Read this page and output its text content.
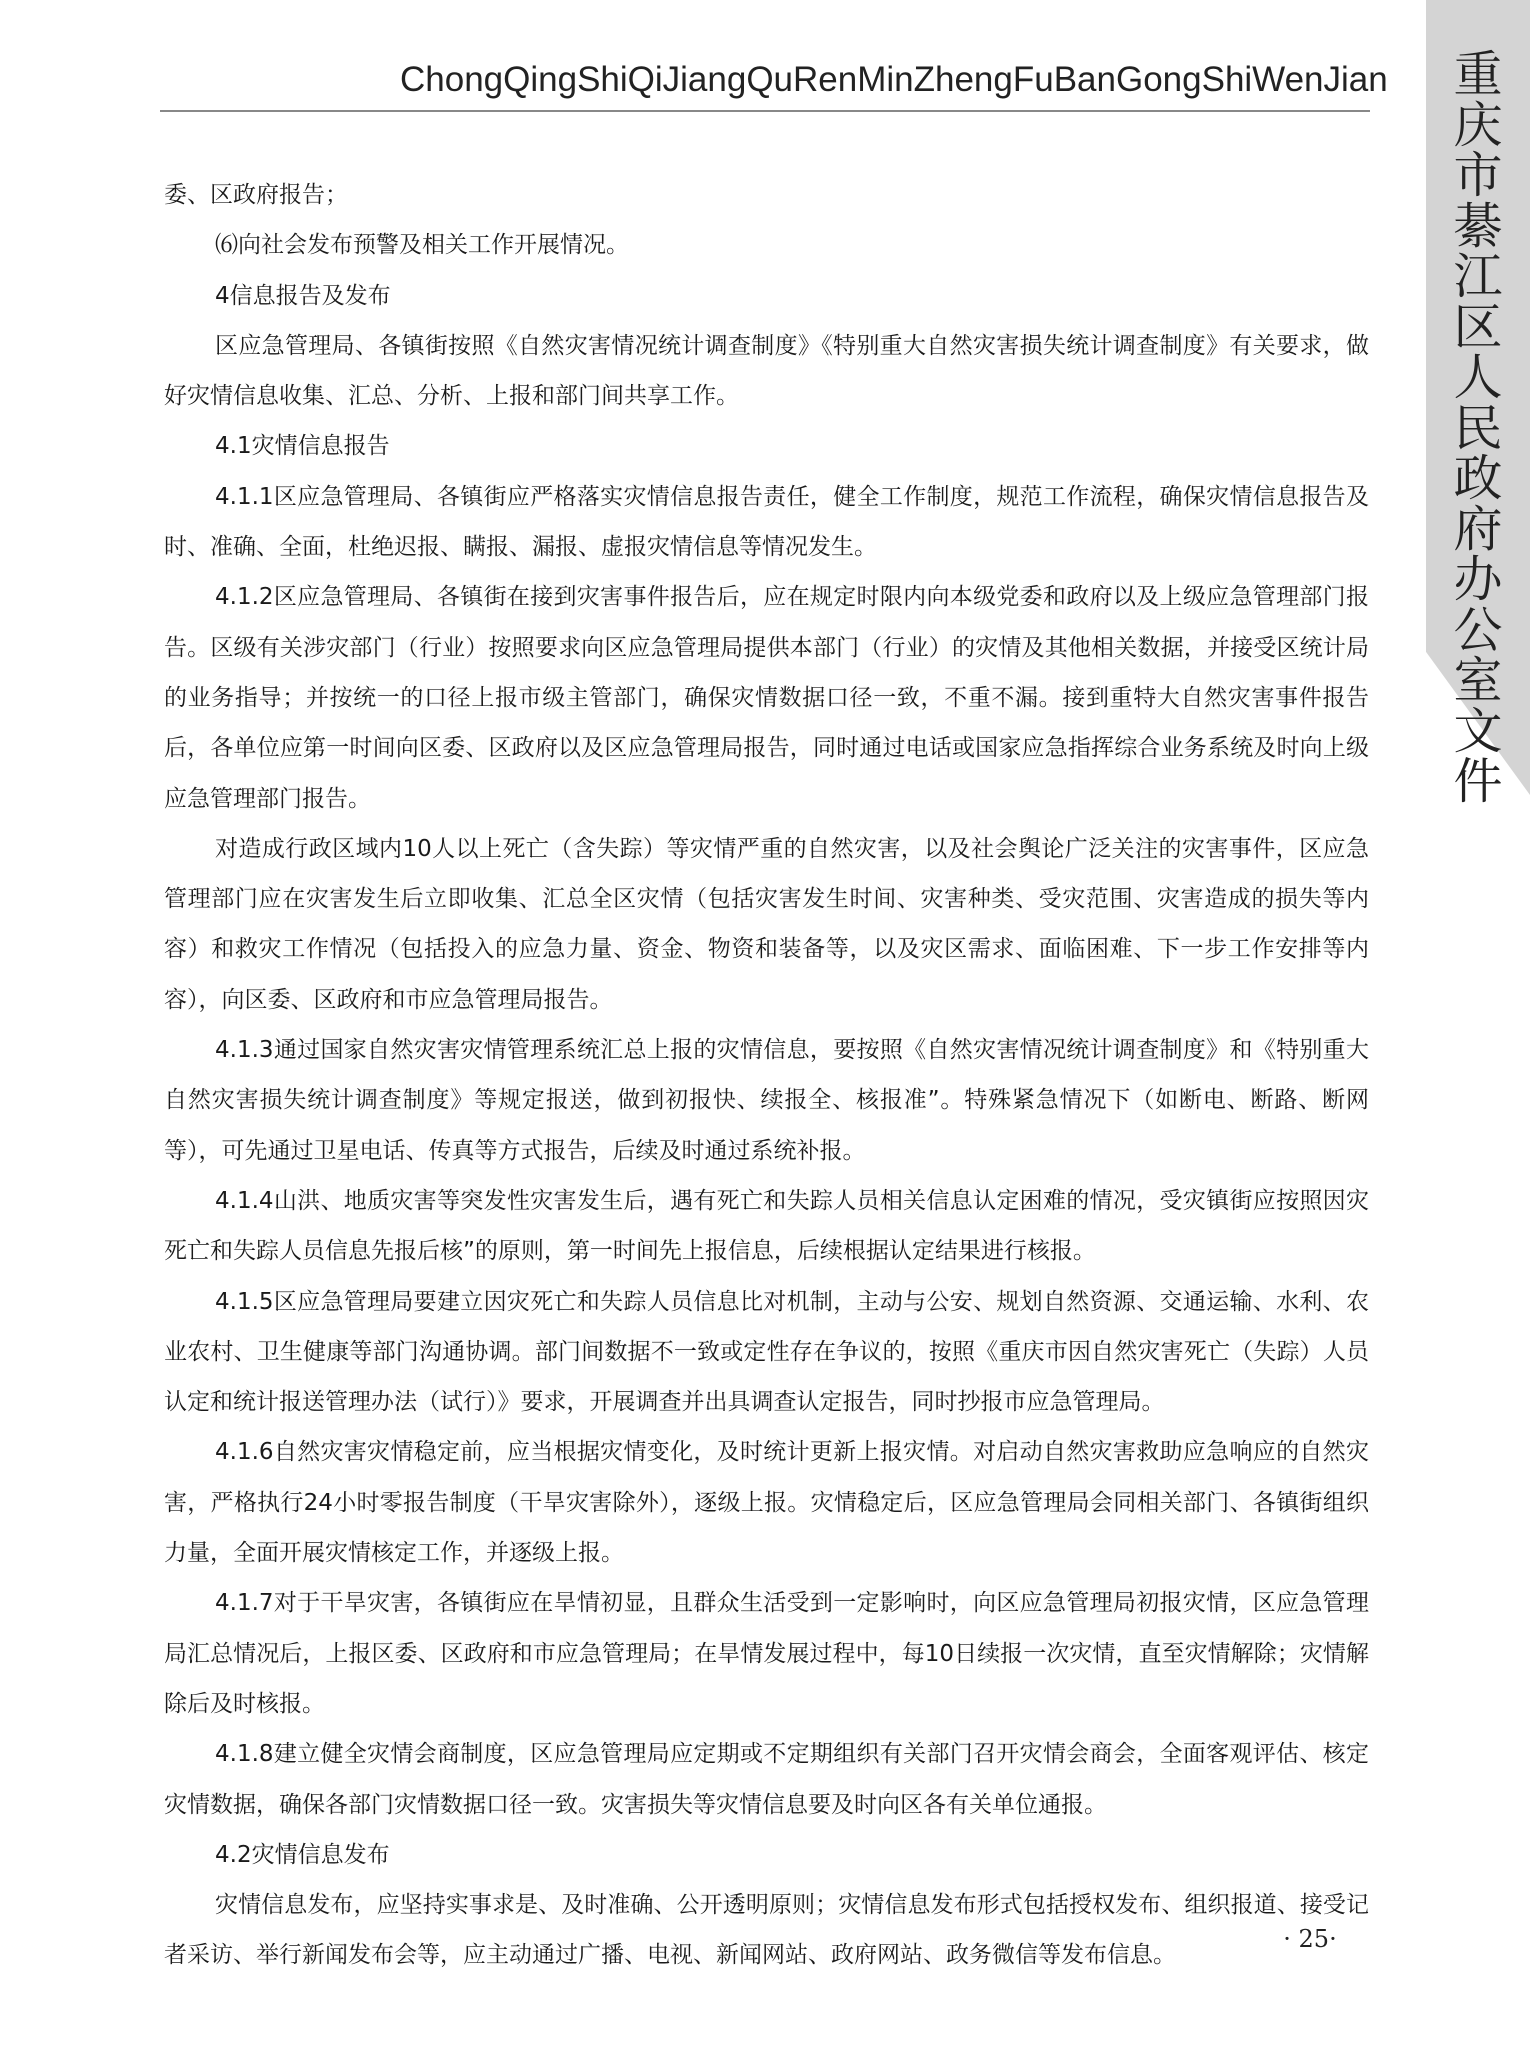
ChongQingShiQiJiangQuRenMinZhengFuBanGongShiWenJian 重庆市綦江区人民政府办公室文件

委、区政府报告；

⑹向社会发布预警及相关工作开展情况。

4信息报告及发布

区应急管理局、各镇街按照《自然灾害情况统计调查制度》《特别重大自然灾害损失统计调查制度》有关要求，做好灾情信息收集、汇总、分析、上报和部门间共享工作。

4.1灾情信息报告

4.1.1区应急管理局、各镇街应严格落实灾情信息报告责任，健全工作制度，规范工作流程，确保灾情信息报告及时、准确、全面，杜绝迟报、瞒报、漏报、虚报灾情信息等情况发生。

4.1.2区应急管理局、各镇街在接到灾害事件报告后，应在规定时限内向本级党委和政府以及上级应急管理部门报告。区级有关涉灾部门（行业）按照要求向区应急管理局提供本部门（行业）的灾情及其他相关数据，并接受区统计局的业务指导；并按统一的口径上报市级主管部门，确保灾情数据口径一致，不重不漏。接到重特大自然灾害事件报告后，各单位应第一时间向区委、区政府以及区应急管理局报告，同时通过电话或国家应急指挥综合业务系统及时向上级应急管理部门报告。

对造成行政区域内10人以上死亡（含失踪）等灾情严重的自然灾害，以及社会舆论广泛关注的灾害事件，区应急管理部门应在灾害发生后立即收集、汇总全区灾情（包括灾害发生时间、灾害种类、受灾范围、灾害造成的损失等内容）和救灾工作情况（包括投入的应急力量、资金、物资和装备等，以及灾区需求、面临困难、下一步工作安排等内容），向区委、区政府和市应急管理局报告。

4.1.3通过国家自然灾害灾情管理系统汇总上报的灾情信息，要按照《自然灾害情况统计调查制度》和《特别重大自然灾害损失统计调查制度》等规定报送，做到初报快、续报全、核报准”。特殊紧急情况下（如断电、断路、断网等），可先通过卫星电话、传真等方式报告，后续及时通过系统补报。

4.1.4山洪、地质灾害等突发性灾害发生后，遇有死亡和失踪人员相关信息认定困难的情况，受灾镇街应按照因灾死亡和失踪人员信息先报后核”的原则，第一时间先上报信息，后续根据认定结果进行核报。

4.1.5区应急管理局要建立因灾死亡和失踪人员信息比对机制，主动与公安、规划自然资源、交通运输、水利、农业农村、卫生健康等部门沟通协调。部门间数据不一致或定性存在争议的，按照《重庆市因自然灾害死亡（失踪）人员认定和统计报送管理办法（试行）》要求，开展调查并出具调查认定报告，同时抄报市应急管理局。

4.1.6自然灾害灾情稳定前，应当根据灾情变化，及时统计更新上报灾情。对启动自然灾害救助应急响应的自然灾害，严格执行24小时零报告制度（干旱灾害除外），逐级上报。灾情稳定后，区应急管理局会同相关部门、各镇街组织力量，全面开展灾情核定工作，并逐级上报。

4.1.7对于干旱灾害，各镇街应在旱情初显，且群众生活受到一定影响时，向区应急管理局初报灾情，区应急管理局汇总情况后，上报区委、区政府和市应急管理局；在旱情发展过程中，每10日续报一次灾情，直至灾情解除；灾情解除后及时核报。

4.1.8建立健全灾情会商制度，区应急管理局应定期或不定期组织有关部门召开灾情会商会，全面客观评估、核定灾情数据，确保各部门灾情数据口径一致。灾害损失等灾情信息要及时向区各有关单位通报。

4.2灾情信息发布

灾情信息发布，应坚持实事求是、及时准确、公开透明原则；灾情信息发布形式包括授权发布、组织报道、接受记者采访、举行新闻发布会等，应主动通过广播、电视、新闻网站、政府网站、政务微信等发布信息。

· 25·
